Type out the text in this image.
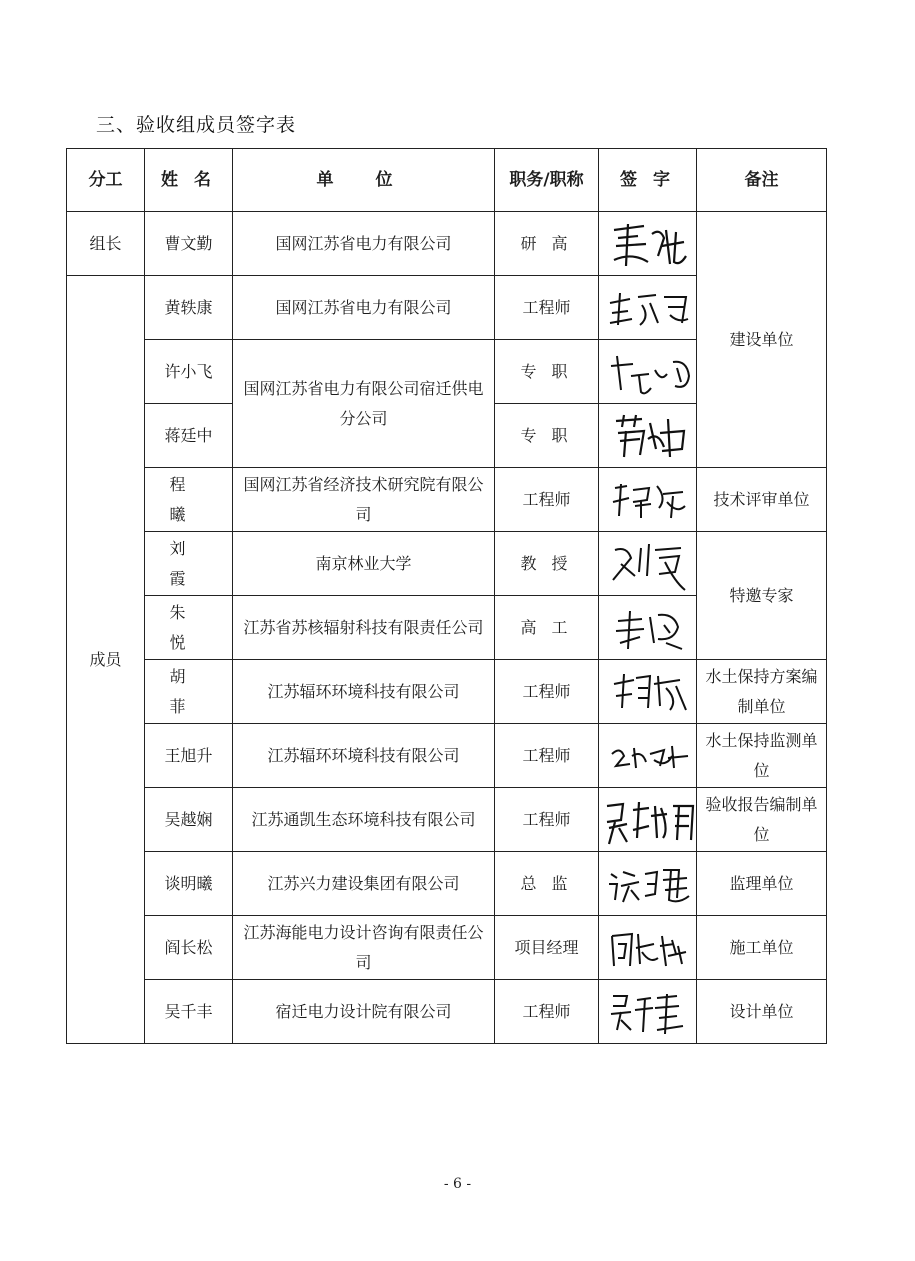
三、验收组成员签字表
分工	姓 名	单 位	职务/职称	签 字	备注
组长	曹文勤	国网江苏省电力有限公司	研 高		建设单位
成员	黄轶康	国网江苏省电力有限公司	工程师	

	许小飞	国网江苏省电力有限公司宿迁供电分公司	专 职	

	蒋廷中		专 职	

	程 曦	国网江苏省经济技术研究院有限公司	工程师		技术评审单位
	刘 霞	南京林业大学	教 授		特邀专家
	朱 悦	江苏省苏核辐射科技有限责任公司	高 工	

	胡 菲	江苏辐环环境科技有限公司	工程师		水土保持方案编制单位
	王旭升	江苏辐环环境科技有限公司	工程师		水土保持监测单位
	吴越娴	江苏通凯生态环境科技有限公司	工程师		验收报告编制单位
	谈明曦	江苏兴力建设集团有限公司	总 监		监理单位
	阎长松	江苏海能电力设计咨询有限责任公司	项目经理		施工单位
	吴千丰	宿迁电力设计院有限公司	工程师		设计单位
- 6 -
